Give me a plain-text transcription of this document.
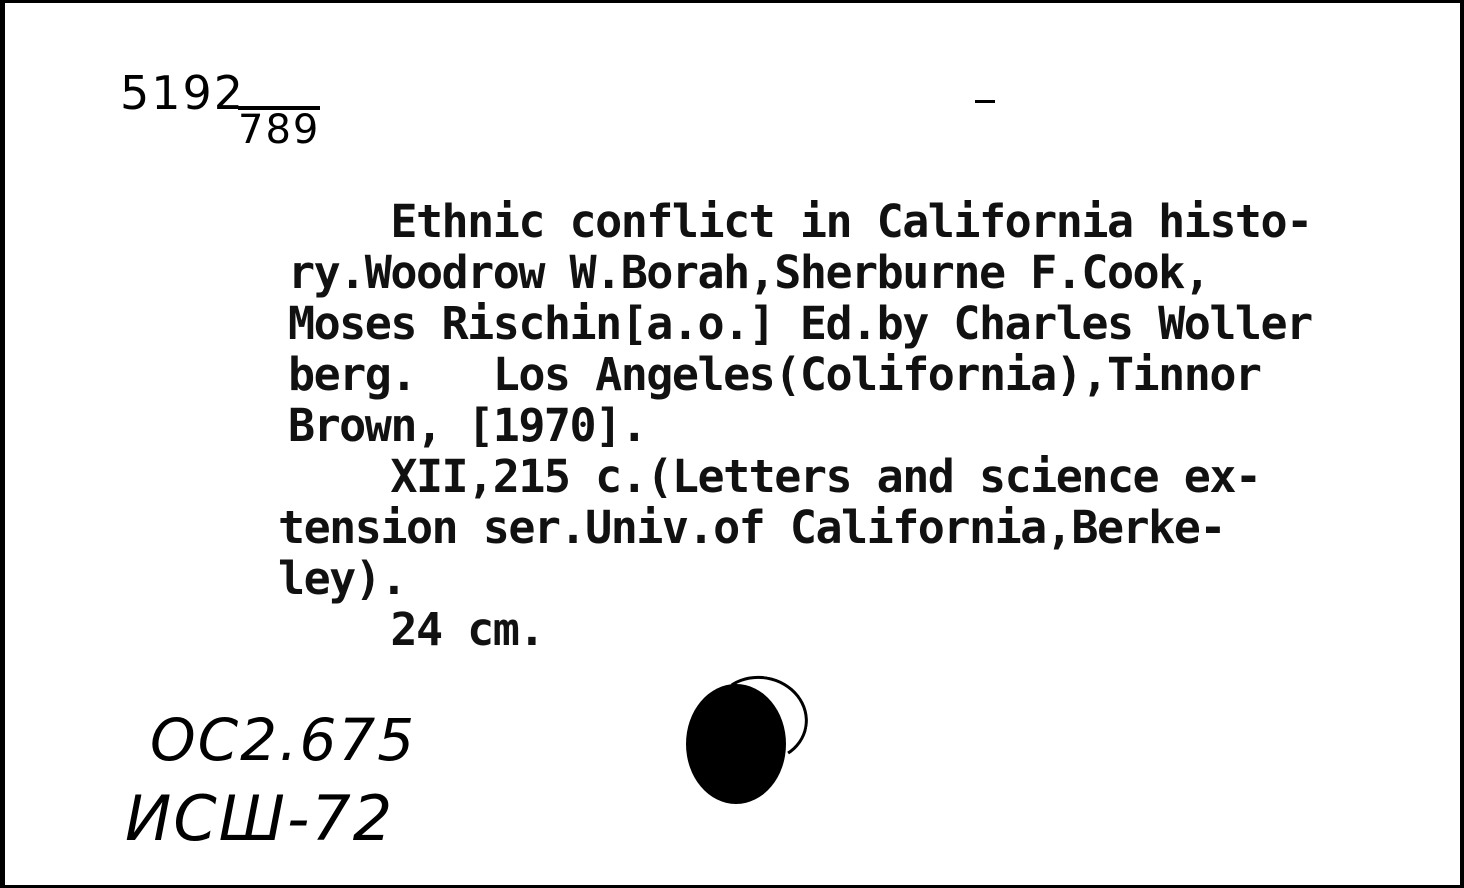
5192
789
Ethnic conflict in California histo-
ry.Woodrow W.Borah,Sherburne F.Cook,
Moses Rischin[a.o.] Ed.by Charles Woller
berg.   Los Angeles(Colifornia),Tinnor
Brown, [1970].
XII,215 c.(Letters and science ex-
tension ser.Univ.of California,Berke-
ley).
24 cm.
OC2.675
ИСШ-72
